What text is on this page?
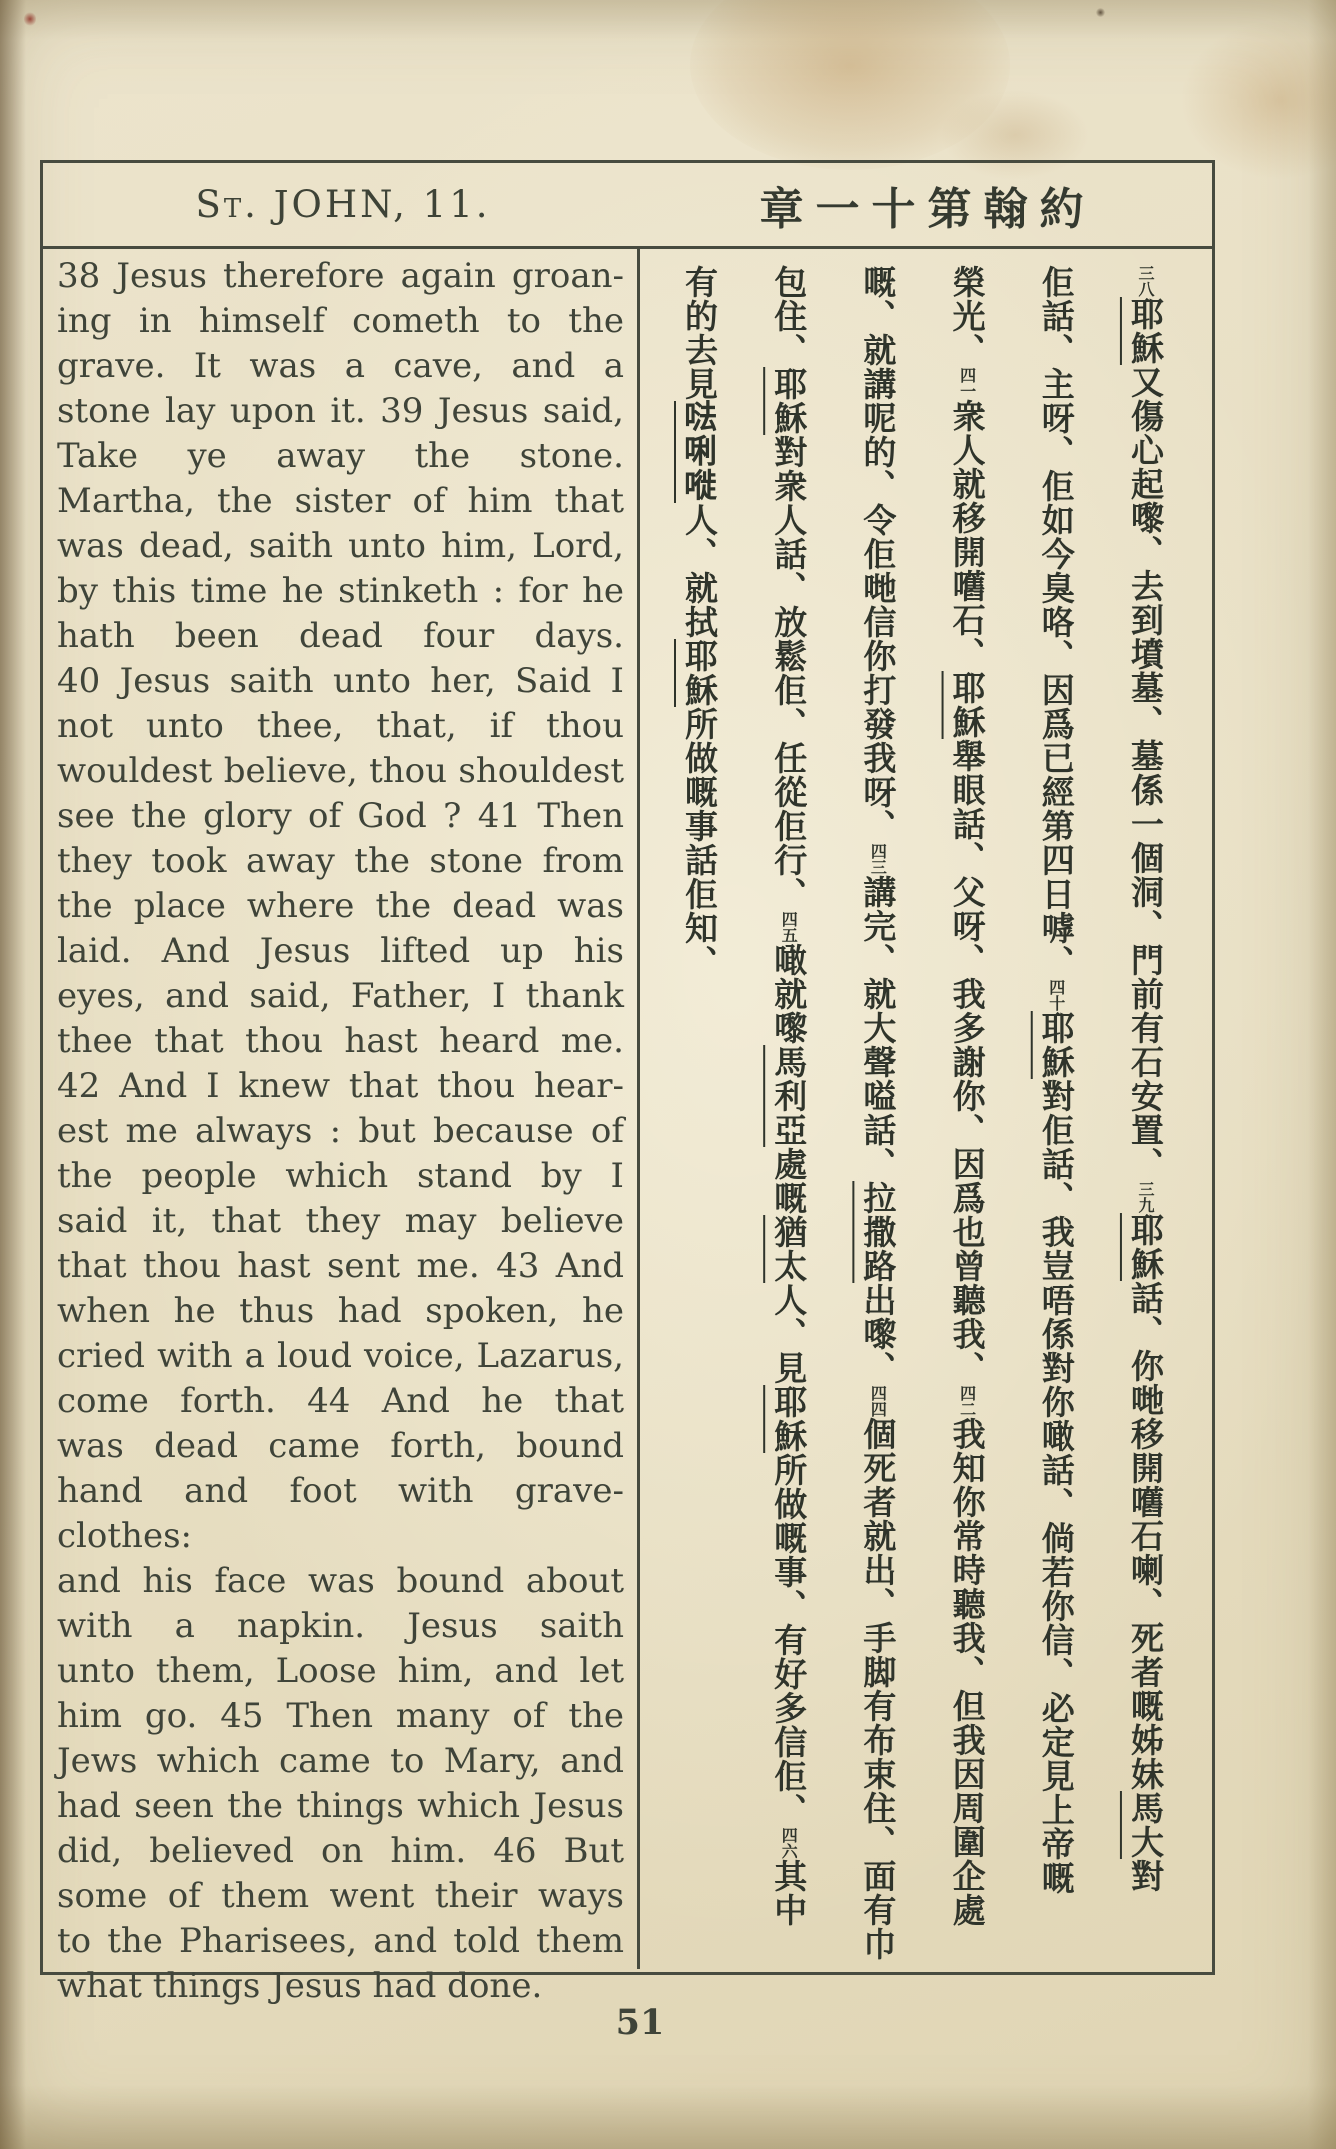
St. JOHN, 11.	章一十第翰約
38 Jesus therefore again groan-
ing in himself cometh to the
grave. It was a cave, and a
stone lay upon it. 39 Jesus said,
Take ye away the stone.
Martha, the sister of him that
was dead, saith unto him, Lord,
by this time he stinketh : for he
hath been dead four days.
40 Jesus saith unto her, Said I
not unto thee, that, if thou
wouldest believe, thou shouldest
see the glory of God ? 41 Then
they took away the stone from
the place where the dead was
laid. And Jesus lifted up his
eyes, and said, Father, I thank
thee that thou hast heard me.
42 And I knew that thou hear-
est me always : but because of
the people which stand by I
said it, that they may believe
that thou hast sent me. 43 And
when he thus had spoken, he
cried with a loud voice, Lazarus,
come forth. 44 And he that
was dead came forth, bound
hand and foot with grave-clothes:
and his face was bound about
with a napkin. Jesus saith
unto them, Loose him, and let
him go. 45 Then many of the
Jews which came to Mary, and
had seen the things which Jesus
did, believed on him. 46 But
some of them went their ways
to the Pharisees, and told them
what things Jesus had done.
三八耶穌又傷心起嚟、去到墳墓、墓係一個洞、門前有石安置、三九耶穌話、你哋移開嚿石喇、死者嘅姊妹馬大對
佢話、主呀、佢如今臭咯、因爲已經第四日嘑、四十耶穌對佢話、我豈唔係對你噉話、倘若你信、必定見上帝嘅
榮光、四一衆人就移開嚿石、耶穌舉眼話、父呀、我多謝你、因爲也曾聽我、四二我知你常時聽我、但我因周圍企處
嘅、就講呢的、令佢哋信你打發我呀、四三講完、就大聲嗌話、拉撒路出嚟、四四個死者就出、手脚有布束住、面有巾
包住、耶穌對衆人話、放鬆佢、任從佢行、四五噉就嚟馬利亞處嘅猶太人、見耶穌所做嘅事、有好多信佢、四六其中
有的去見𠵽唎嘥人、就拭耶穌所做嘅事話佢知、
51
